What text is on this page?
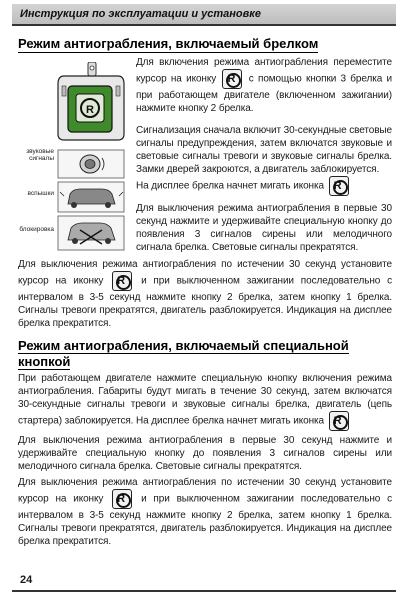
Инструкция по эксплуатации и установке
Режим антиограбления, включаемый брелком
R
звуковые сигналы
вспышки
блокировка
Для включения режима антиограбления переместите курсор на иконку R	с помощью кнопки 3 брелка и при работающем двигателе (включенном зажигании) нажмите кнопку 2 брелка.
Сигнализация сначала включит 30-секундные световые сигналы предупреждения, затем включатся звуковые и световые сигналы тревоги и звуковые сигналы брелка. Замки дверей закроются, а двигатель заблокируется.
На дисплее брелка начнет мигать иконка R
Для выключения режима антиограбления в первые 30 секунд нажмите и удерживайте специальную кнопку до появления 3 сигналов сирены или мелодичного сигнала брелка. Световые сигналы прекратятся.
Для выключения режима антиограбления по истечении 30 секунд установите курсор на иконку R	и при выключенном зажигании последовательно с интервалом в 3-5 секунд нажмите кнопку 2 брелка, затем кнопку 1 брелка. Сигналы тревоги прекратятся, двигатель разблокируется. Индикация на дисплее брелка прекратится.
Режим антиограбления, включаемый специальной кнопкой
При работающем двигателе нажмите специальную кнопку включения режима антиограбления. Габариты будут мигать в течение 30 секунд, затем включатся 30-секундные сигналы тревоги и звуковые сигналы брелка, двигатель (цепь стартера) заблокируется. На дисплее брелка начнет мигать иконка R
Для выключения режима антиограбления в первые 30 секунд нажмите и удерживайте специальную кнопку до появления 3 сигналов сирены или мелодичного сигнала брелка. Световые сигналы прекратятся.
Для выключения режима антиограбления по истечении 30 секунд установите курсор на иконку R	и при выключенном зажигании последовательно с интервалом в 3-5 секунд нажмите кнопку 2 брелка, затем кнопку 1 брелка. Сигналы тревоги прекратятся, двигатель разблокируется. Индикация на дисплее брелка прекратится.
24
